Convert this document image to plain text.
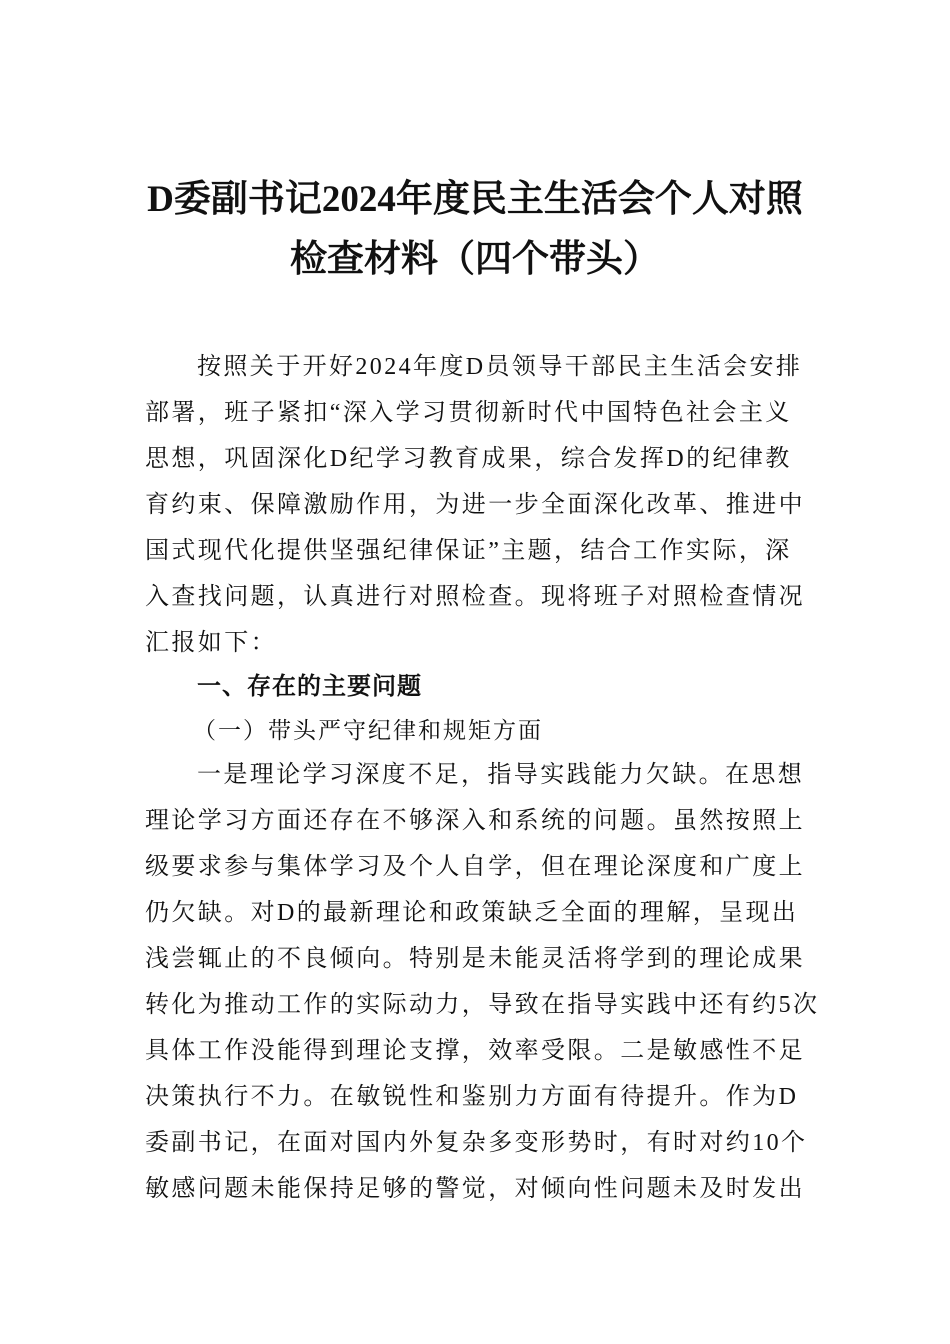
D委副书记2024年度民主生活会个人对照
检查材料（四个带头）
按照关于开好2024年度D员领导干部民主生活会安排
部署，班子紧扣“深入学习贯彻新时代中国特色社会主义
思想，巩固深化D纪学习教育成果，综合发挥D的纪律教
育约束、保障激励作用，为进一步全面深化改革、推进中
国式现代化提供坚强纪律保证”主题，结合工作实际，深
入查找问题，认真进行对照检查。现将班子对照检查情况
汇报如下：
一、存在的主要问题
（一）带头严守纪律和规矩方面
一是理论学习深度不足，指导实践能力欠缺。在思想
理论学习方面还存在不够深入和系统的问题。虽然按照上
级要求参与集体学习及个人自学，但在理论深度和广度上
仍欠缺。对D的最新理论和政策缺乏全面的理解，呈现出
浅尝辄止的不良倾向。特别是未能灵活将学到的理论成果
转化为推动工作的实际动力，导致在指导实践中还有约5次
具体工作没能得到理论支撑，效率受限。二是敏感性不足
决策执行不力。在敏锐性和鉴别力方面有待提升。作为D
委副书记，在面对国内外复杂多变形势时，有时对约10个
敏感问题未能保持足够的警觉，对倾向性问题未及时发出
